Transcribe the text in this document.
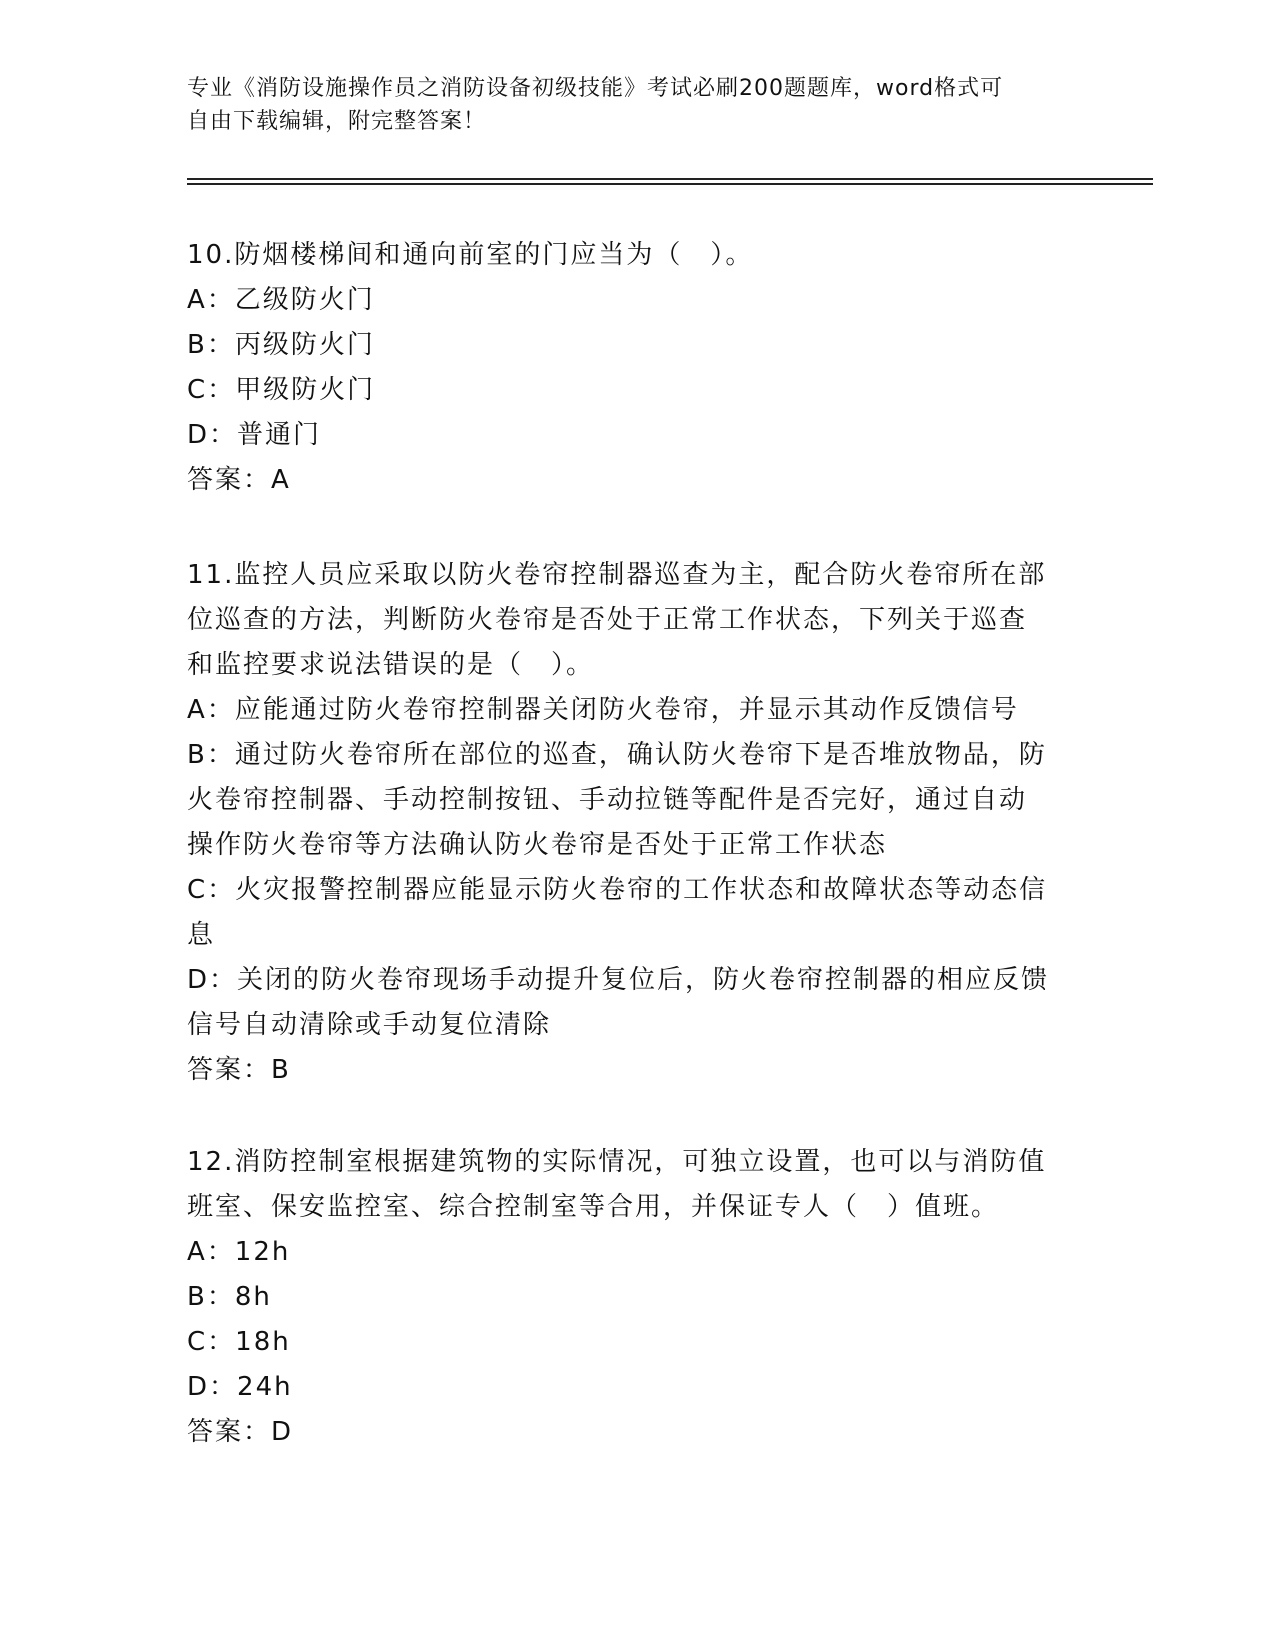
专业《消防设施操作员之消防设备初级技能》考试必刷200题题库，word格式可
自由下载编辑，附完整答案！

10.防烟楼梯间和通向前室的门应当为（　）。

A：乙级防火门

B：丙级防火门

C：甲级防火门

D：普通门

答案：A

11.监控人员应采取以防火卷帘控制器巡查为主，配合防火卷帘所在部

位巡查的方法，判断防火卷帘是否处于正常工作状态，下列关于巡查

和监控要求说法错误的是（　）。

A：应能通过防火卷帘控制器关闭防火卷帘，并显示其动作反馈信号

B：通过防火卷帘所在部位的巡查，确认防火卷帘下是否堆放物品，防

火卷帘控制器、手动控制按钮、手动拉链等配件是否完好，通过自动

操作防火卷帘等方法确认防火卷帘是否处于正常工作状态

C：火灾报警控制器应能显示防火卷帘的工作状态和故障状态等动态信

息

D：关闭的防火卷帘现场手动提升复位后，防火卷帘控制器的相应反馈

信号自动清除或手动复位清除

答案：B

12.消防控制室根据建筑物的实际情况，可独立设置，也可以与消防值

班室、保安监控室、综合控制室等合用，并保证专人（　）值班。

A：12h

B：8h

C：18h

D：24h

答案：D
